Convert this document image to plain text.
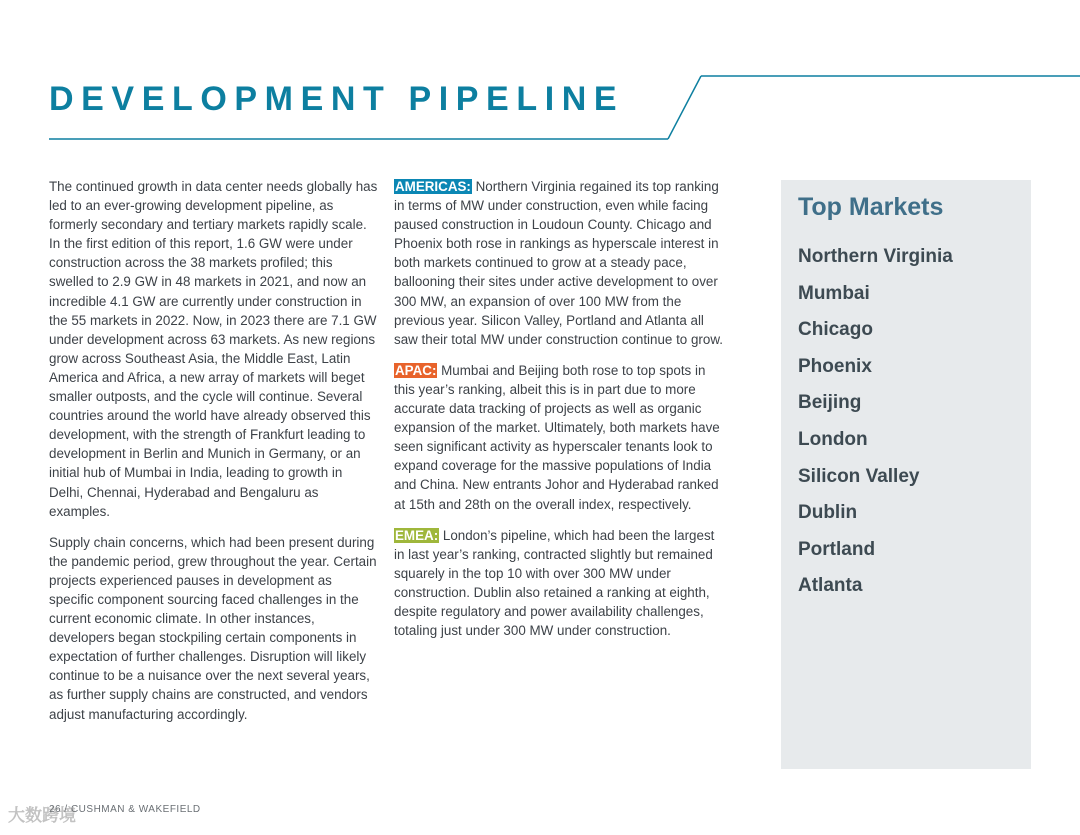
DEVELOPMENT PIPELINE

The continued growth in data center needs globally has led to an ever-growing development pipeline, as formerly secondary and tertiary markets rapidly scale. In the first edition of this report, 1.6 GW were under construction across the 38 markets profiled; this swelled to 2.9 GW in 48 markets in 2021, and now an incredible 4.1 GW are currently under construction in the 55 markets in 2022. Now, in 2023 there are 7.1 GW under development across 63 markets. As new regions grow across Southeast Asia, the Middle East, Latin America and Africa, a new array of markets will beget smaller outposts, and the cycle will continue. Several countries around the world have already observed this development, with the strength of Frankfurt leading to development in Berlin and Munich in Germany, or an initial hub of Mumbai in India, leading to growth in Delhi, Chennai, Hyderabad and Bengaluru as examples.

Supply chain concerns, which had been present during the pandemic period, grew throughout the year. Certain projects experienced pauses in development as specific component sourcing faced challenges in the current economic climate. In other instances, developers began stockpiling certain components in expectation of further challenges. Disruption will likely continue to be a nuisance over the next several years, as further supply chains are constructed, and vendors adjust manufacturing accordingly.

AMERICAS: Northern Virginia regained its top ranking in terms of MW under construction, even while facing paused construction in Loudoun County. Chicago and Phoenix both rose in rankings as hyperscale interest in both markets continued to grow at a steady pace, ballooning their sites under active development to over 300 MW, an expansion of over 100 MW from the previous year. Silicon Valley, Portland and Atlanta all saw their total MW under construction continue to grow.

APAC: Mumbai and Beijing both rose to top spots in this year’s ranking, albeit this is in part due to more accurate data tracking of projects as well as organic expansion of the market. Ultimately, both markets have seen significant activity as hyperscaler tenants look to expand coverage for the massive populations of India and China. New entrants Johor and Hyderabad ranked at 15th and 28th on the overall index, respectively.

EMEA: London’s pipeline, which had been the largest in last year’s ranking, contracted slightly but remained squarely in the top 10 with over 300 MW under construction. Dublin also retained a ranking at eighth, despite regulatory and power availability challenges, totaling just under 300 MW under construction.

Top Markets
Northern Virginia
Mumbai
Chicago
Phoenix
Beijing
London
Silicon Valley
Dublin
Portland
Atlanta
26 / CUSHMAN & WAKEFIELD
大数跨境
